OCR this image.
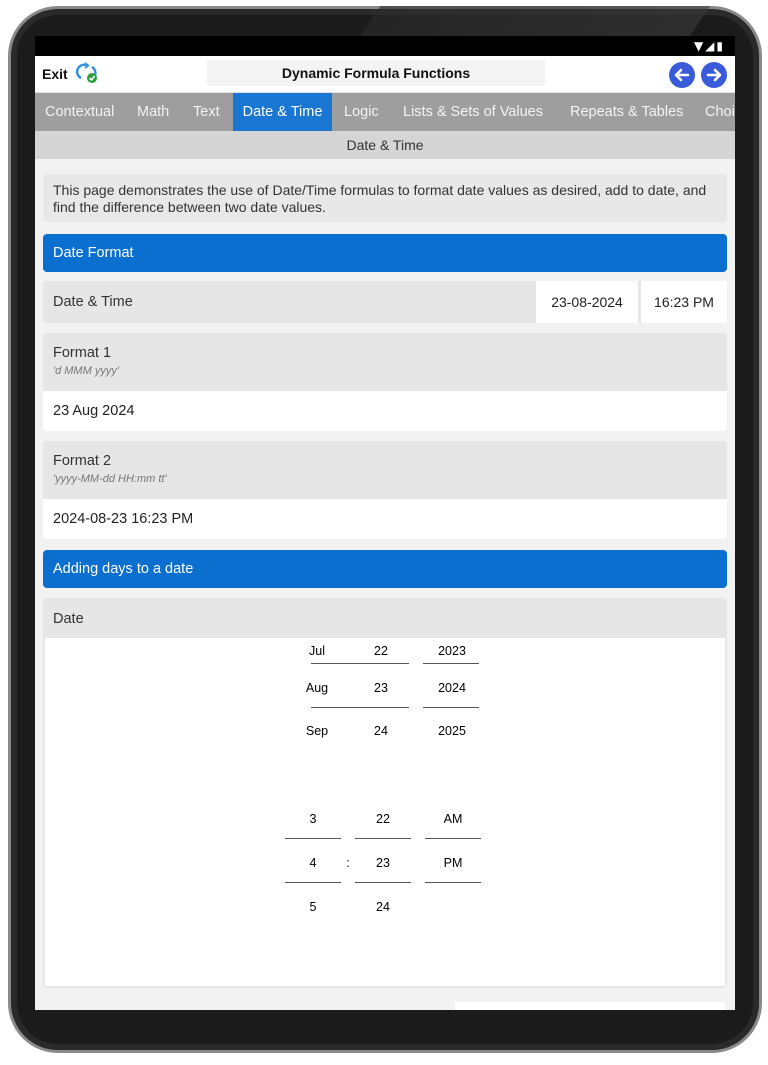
▼◢▮
Exit	Dynamic Formula Functions
Contextual Math Text	Date & Time	Logic Lists & Sets of Values Repeats & Tables Choi
Date & Time
This page demonstrates the use of Date/Time formulas to format date values as desired, add to date, and find the difference between two date values.
Date Format
Date & Time	23-08-2024	16:23 PM
Format 1
'd MMM yyyy'
23 Aug 2024
Format 2
'yyyy-MM-dd HH:mm tt'
2024-08-23 16:23 PM
Adding days to a date
Date
Jul	22	2023
Aug	23	2024
Sep	24	2025
3	22	AM
4	:	23	PM
5	24
